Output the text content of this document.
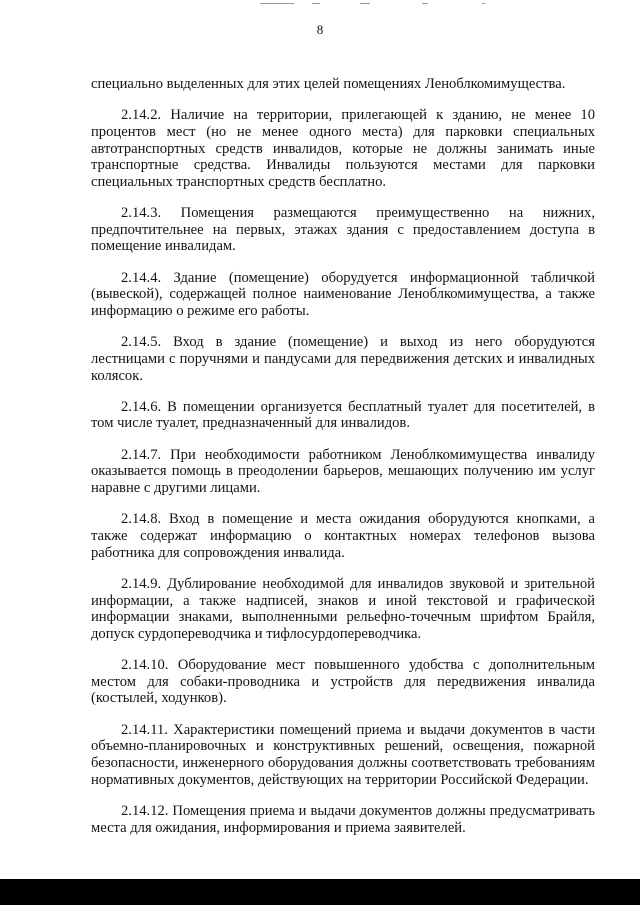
8

специально выделенных для этих целей помещениях Леноблкомимущества.

2.14.2. Наличие на территории, прилегающей к зданию, не менее 10 процентов мест (но не менее одного места) для парковки специальных автотранспортных средств инвалидов, которые не должны занимать иные транспортные средства. Инвалиды пользуются местами для парковки специальных транспортных средств бесплатно.

2.14.3. Помещения размещаются преимущественно на нижних, предпочтительнее на первых, этажах здания с предоставлением доступа в помещение инвалидам.

2.14.4. Здание (помещение) оборудуется информационной табличкой (вывеской), содержащей полное наименование Леноблкомимущества, а также информацию о режиме его работы.

2.14.5. Вход в здание (помещение) и выход из него оборудуются лестницами с поручнями и пандусами для передвижения детских и инвалидных колясок.

2.14.6. В помещении организуется бесплатный туалет для посетителей, в том числе туалет, предназначенный для инвалидов.

2.14.7. При необходимости работником Леноблкомимущества инвалиду оказывается помощь в преодолении барьеров, мешающих получению им услуг наравне с другими лицами.

2.14.8. Вход в помещение и места ожидания оборудуются кнопками, а также содержат информацию о контактных номерах телефонов вызова работника для сопровождения инвалида.

2.14.9. Дублирование необходимой для инвалидов звуковой и зрительной информации, а также надписей, знаков и иной текстовой и графической информации знаками, выполненными рельефно-точечным шрифтом Брайля, допуск сурдопереводчика и тифлосурдопереводчика.

2.14.10. Оборудование мест повышенного удобства с дополнительным местом для собаки-проводника и устройств для передвижения инвалида (костылей, ходунков).

2.14.11. Характеристики помещений приема и выдачи документов в части объемно-планировочных и конструктивных решений, освещения, пожарной безопасности, инженерного оборудования должны соответствовать требованиям нормативных документов, действующих на территории Российской Федерации.

2.14.12. Помещения приема и выдачи документов должны предусматривать места для ожидания, информирования и приема заявителей.
